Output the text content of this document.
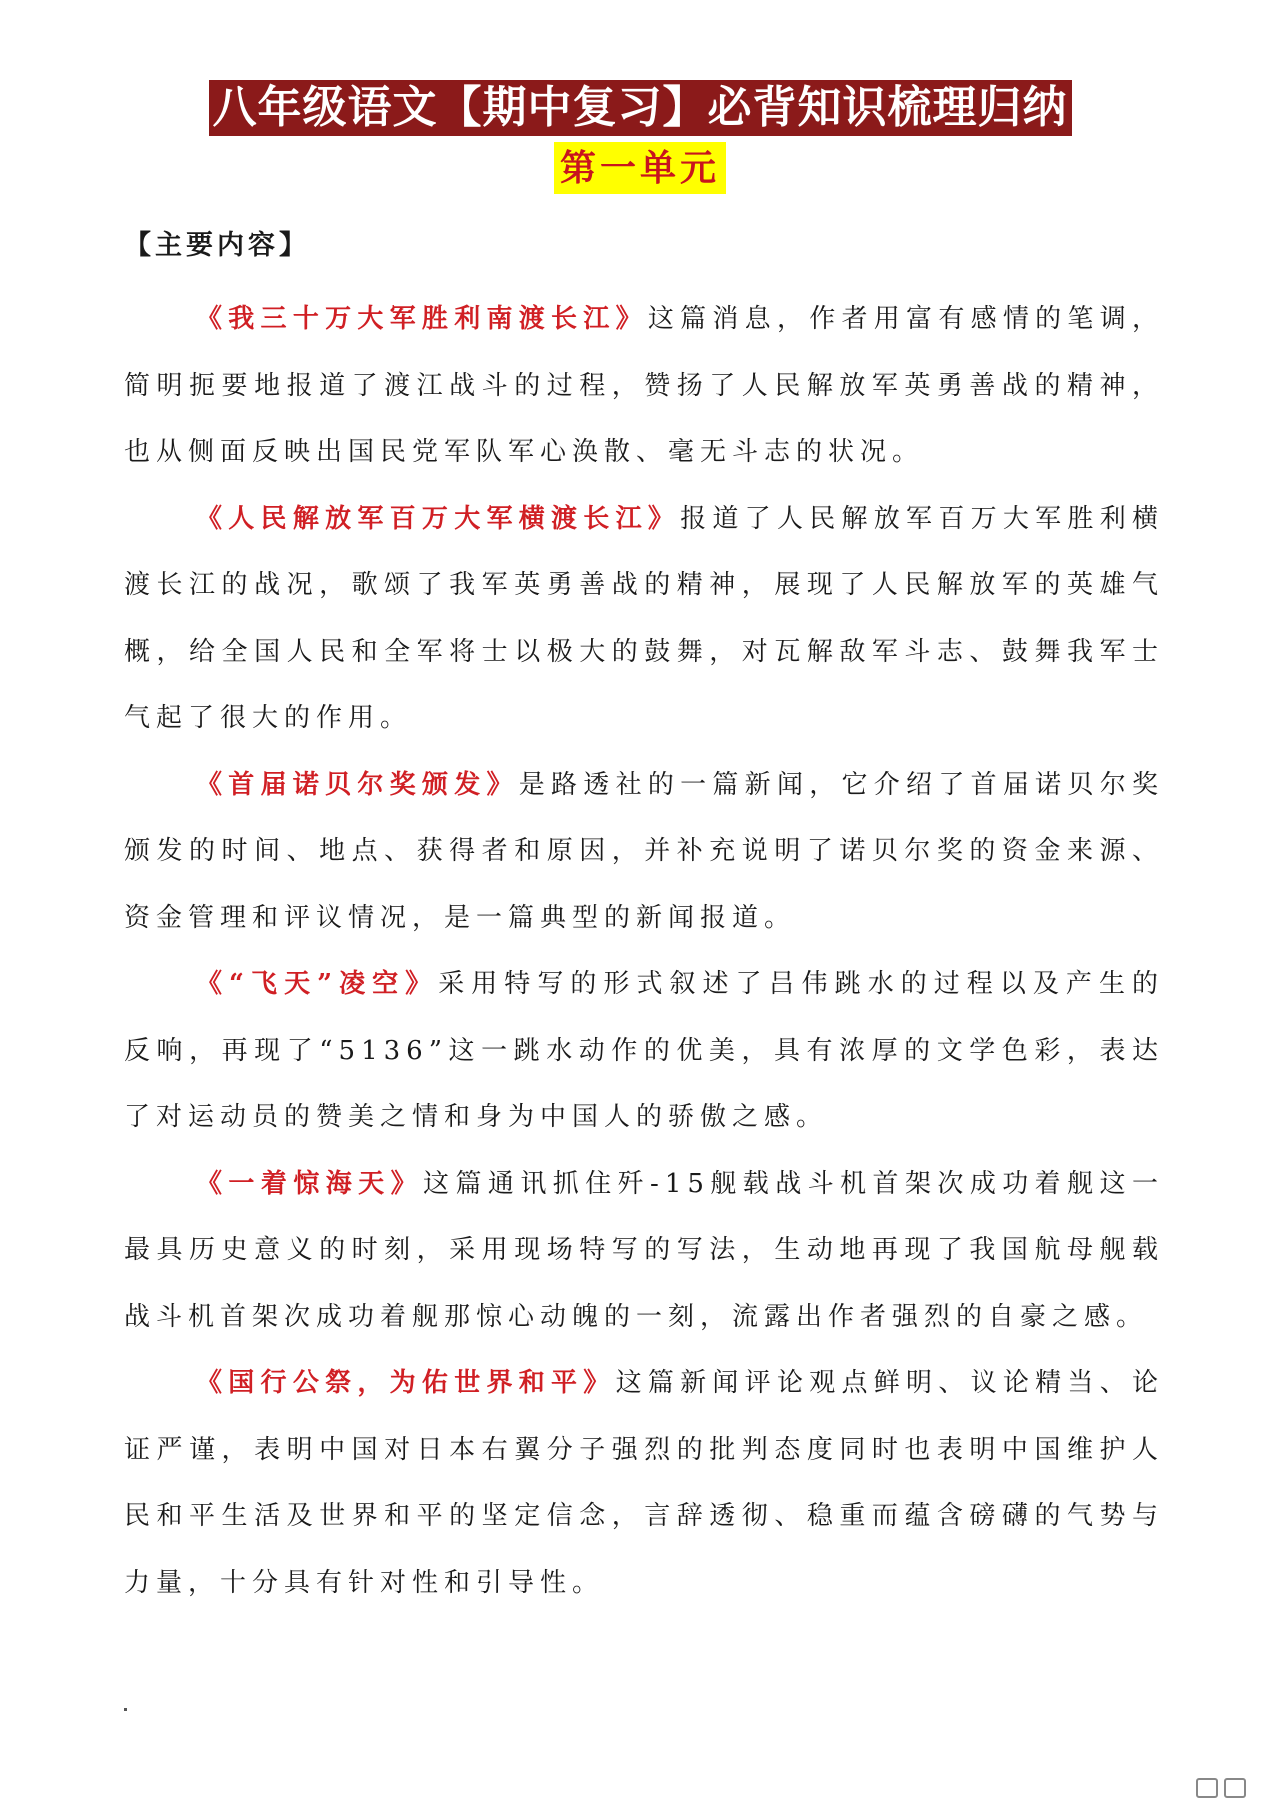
八年级语文【期中复习】必背知识梳理归纳
第一单元
【主要内容】

《我三十万大军胜利南渡长江》这篇消息，作者用富有感情的笔调，简明扼要地报道了渡江战斗的过程，赞扬了人民解放军英勇善战的精神，也从侧面反映出国民党军队军心涣散、毫无斗志的状况。

《人民解放军百万大军横渡长江》报道了人民解放军百万大军胜利横渡长江的战况，歌颂了我军英勇善战的精神，展现了人民解放军的英雄气概，给全国人民和全军将士以极大的鼓舞，对瓦解敌军斗志、鼓舞我军士气起了很大的作用。

《首届诺贝尔奖颁发》是路透社的一篇新闻，它介绍了首届诺贝尔奖颁发的时间、地点、获得者和原因，并补充说明了诺贝尔奖的资金来源、资金管理和评议情况，是一篇典型的新闻报道。

《“飞天”凌空》采用特写的形式叙述了吕伟跳水的过程以及产生的反响，再现了“5136”这一跳水动作的优美，具有浓厚的文学色彩，表达了对运动员的赞美之情和身为中国人的骄傲之感。

《一着惊海天》这篇通讯抓住歼-15舰载战斗机首架次成功着舰这一最具历史意义的时刻，采用现场特写的写法，生动地再现了我国航母舰载战斗机首架次成功着舰那惊心动魄的一刻，流露出作者强烈的自豪之感。

《国行公祭，为佑世界和平》这篇新闻评论观点鲜明、议论精当、论证严谨，表明中国对日本右翼分子强烈的批判态度同时也表明中国维护人民和平生活及世界和平的坚定信念，言辞透彻、稳重而蕴含磅礴的气势与力量，十分具有针对性和引导性。
